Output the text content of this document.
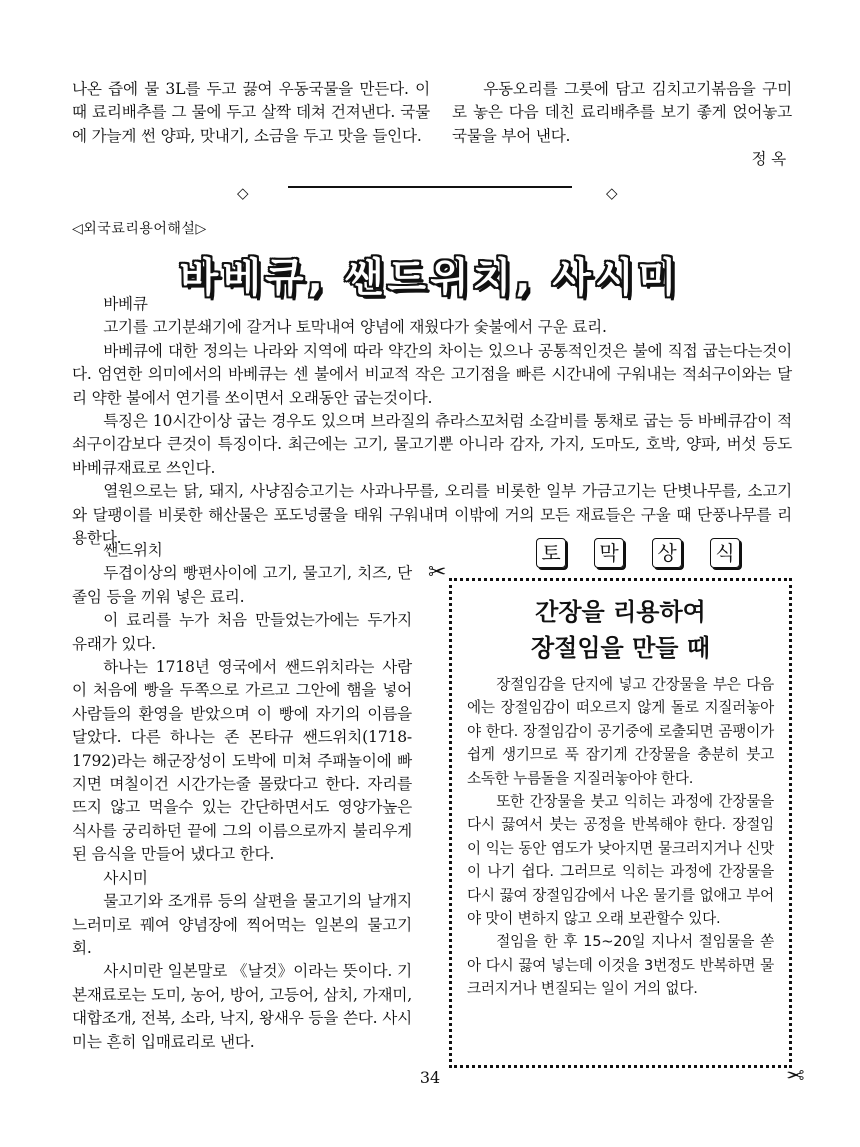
나온 즙에 물 3L를 두고 끓여 우동국물을 만든다. 이때 료리배추를 그 물에 두고 살짝 데쳐 건져낸다. 국물에 가늘게 썬 양파, 맛내기, 소금을 두고 맛을 들인다.

우동오리를 그릇에 담고 김치고기볶음을 구미로 놓은 다음 데친 료리배추를 보기 좋게 얹어놓고 국물을 부어 낸다.

정 옥

◇	◇
◁외국료리용어해설▷
바베큐, 쌘드위치, 사시미

바베큐

고기를 고기분쇄기에 갈거나 토막내여 양념에 재웠다가 숯불에서 구운 료리.

바베큐에 대한 정의는 나라와 지역에 따라 약간의 차이는 있으나 공통적인것은 불에 직접 굽는다는것이다. 엄연한 의미에서의 바베큐는 센 불에서 비교적 작은 고기점을 빠른 시간내에 구워내는 적쇠구이와는 달리 약한 불에서 연기를 쏘이면서 오래동안 굽는것이다.

특징은 10시간이상 굽는 경우도 있으며 브라질의 츄라스꼬처럼 소갈비를 통채로 굽는 등 바베큐감이 적쇠구이감보다 큰것이 특징이다. 최근에는 고기, 물고기뿐 아니라 감자, 가지, 도마도, 호박, 양파, 버섯 등도 바베큐재료로 쓰인다.

열원으로는 닭, 돼지, 사냥짐승고기는 사과나무를, 오리를 비롯한 일부 가금고기는 단볏나무를, 소고기와 달팽이를 비롯한 해산물은 포도넝쿨을 태워 구워내며 이밖에 거의 모든 재료들은 구울 때 단풍나무를 리용한다.

쌘드위치

두겹이상의 빵편사이에 고기, 물고기, 치즈, 단졸임 등을 끼워 넣은 료리.

이 료리를 누가 처음 만들었는가에는 두가지 유래가 있다.

하나는 1718년 영국에서 쌘드위치라는 사람이 처음에 빵을 두쪽으로 가르고 그안에 햄을 넣어 사람들의 환영을 받았으며 이 빵에 자기의 이름을 달았다. 다른 하나는 존 몬타규 쌘드위치(1718-1792)라는 해군장성이 도박에 미쳐 주패놀이에 빠지면 며칠이건 시간가는줄 몰랐다고 한다. 자리를 뜨지 않고 먹을수 있는 간단하면서도 영양가높은 식사를 궁리하던 끝에 그의 이름으로까지 불리우게 된 음식을 만들어 냈다고 한다.

사시미

물고기와 조개류 등의 살편을 물고기의 날개지느러미로 꿰여 양념장에 찍어먹는 일본의 물고기회.

사시미란 일본말로 《날것》이라는 뜻이다. 기본재료로는 도미, 농어, 방어, 고등어, 삼치, 가재미, 대합조개, 전복, 소라, 낙지, 왕새우 등을 쓴다. 사시미는 흔히 입매료리로 낸다.

토 막 상 식
✂
간장을 리용하여
장절임을 만들 때

장절임감을 단지에 넣고 간장물을 부은 다음에는 장절임감이 떠오르지 않게 돌로 지질러놓아야 한다. 장절임감이 공기중에 로출되면 곰팽이가 쉽게 생기므로 푹 잠기게 간장물을 충분히 붓고 소독한 누름돌을 지질러놓아야 한다.

또한 간장물을 붓고 익히는 과정에 간장물을 다시 끓여서 붓는 공정을 반복해야 한다. 장절임이 익는 동안 염도가 낮아지면 물크러지거나 신맛이 나기 쉽다. 그러므로 익히는 과정에 간장물을 다시 끓여 장절임감에서 나온 물기를 없애고 부어야 맛이 변하지 않고 오래 보관할수 있다.

절임을 한 후 15~20일 지나서 절임물을 쏟아 다시 끓여 넣는데 이것을 3번정도 반복하면 물크러지거나 변질되는 일이 거의 없다.

✂
34
